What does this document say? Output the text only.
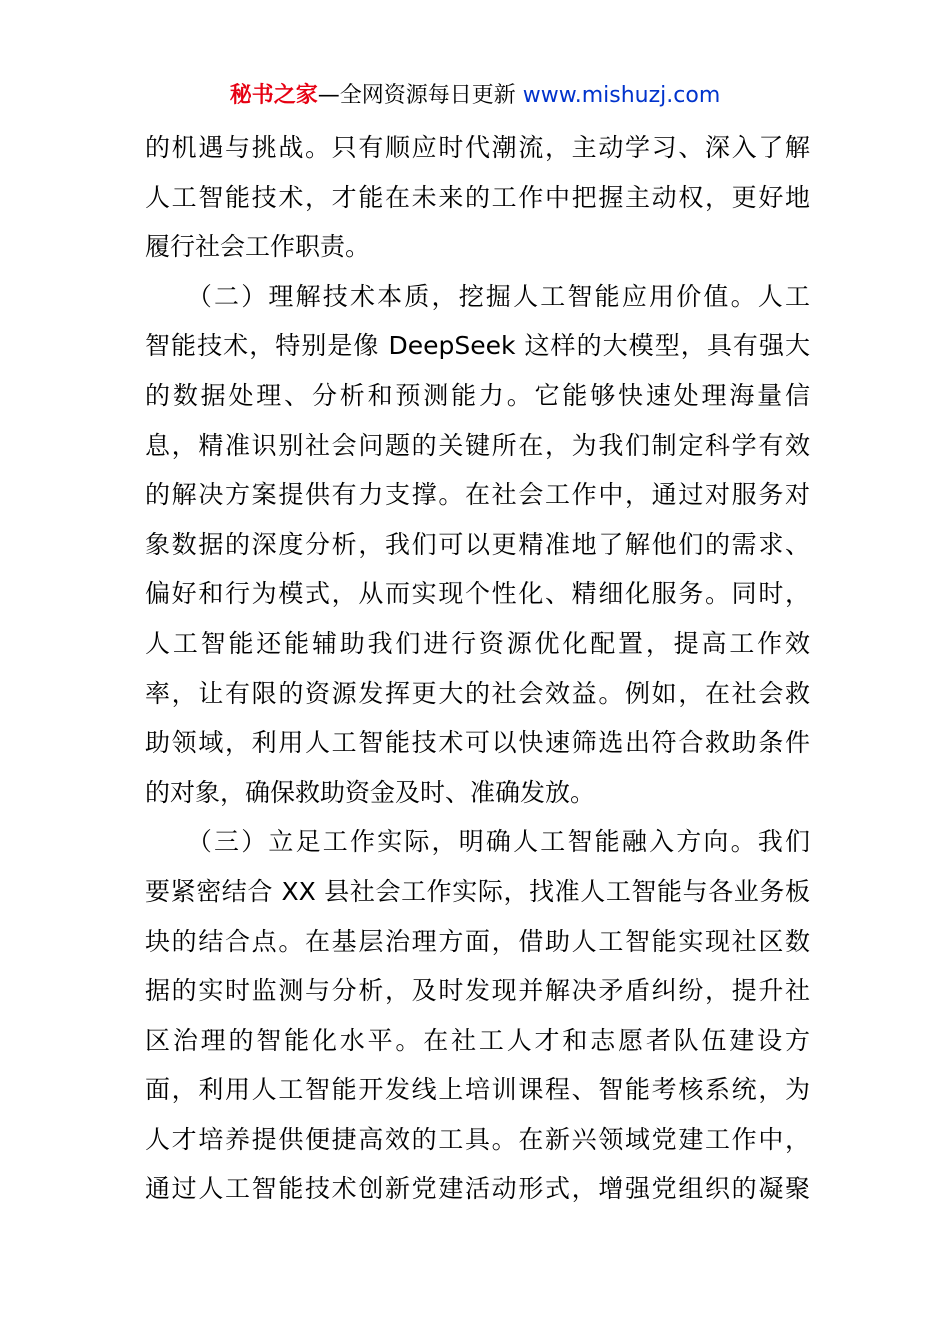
秘书之家—全网资源每日更新 www.mishuzj.com
的机遇与挑战。只有顺应时代潮流，主动学习、深入了解
人工智能技术，才能在未来的工作中把握主动权，更好地
履行社会工作职责。
　　（二）理解技术本质，挖掘人工智能应用价值。人工
智能技术，特别是像 DeepSeek 这样的大模型，具有强大
的数据处理、分析和预测能力。它能够快速处理海量信
息，精准识别社会问题的关键所在，为我们制定科学有效
的解决方案提供有力支撑。在社会工作中，通过对服务对
象数据的深度分析，我们可以更精准地了解他们的需求、
偏好和行为模式，从而实现个性化、精细化服务。同时，
人工智能还能辅助我们进行资源优化配置，提高工作效
率，让有限的资源发挥更大的社会效益。例如，在社会救
助领域，利用人工智能技术可以快速筛选出符合救助条件
的对象，确保救助资金及时、准确发放。
　　（三）立足工作实际，明确人工智能融入方向。我们
要紧密结合 XX 县社会工作实际，找准人工智能与各业务板
块的结合点。在基层治理方面，借助人工智能实现社区数
据的实时监测与分析，及时发现并解决矛盾纠纷，提升社
区治理的智能化水平。在社工人才和志愿者队伍建设方
面，利用人工智能开发线上培训课程、智能考核系统，为
人才培养提供便捷高效的工具。在新兴领域党建工作中，
通过人工智能技术创新党建活动形式，增强党组织的凝聚
